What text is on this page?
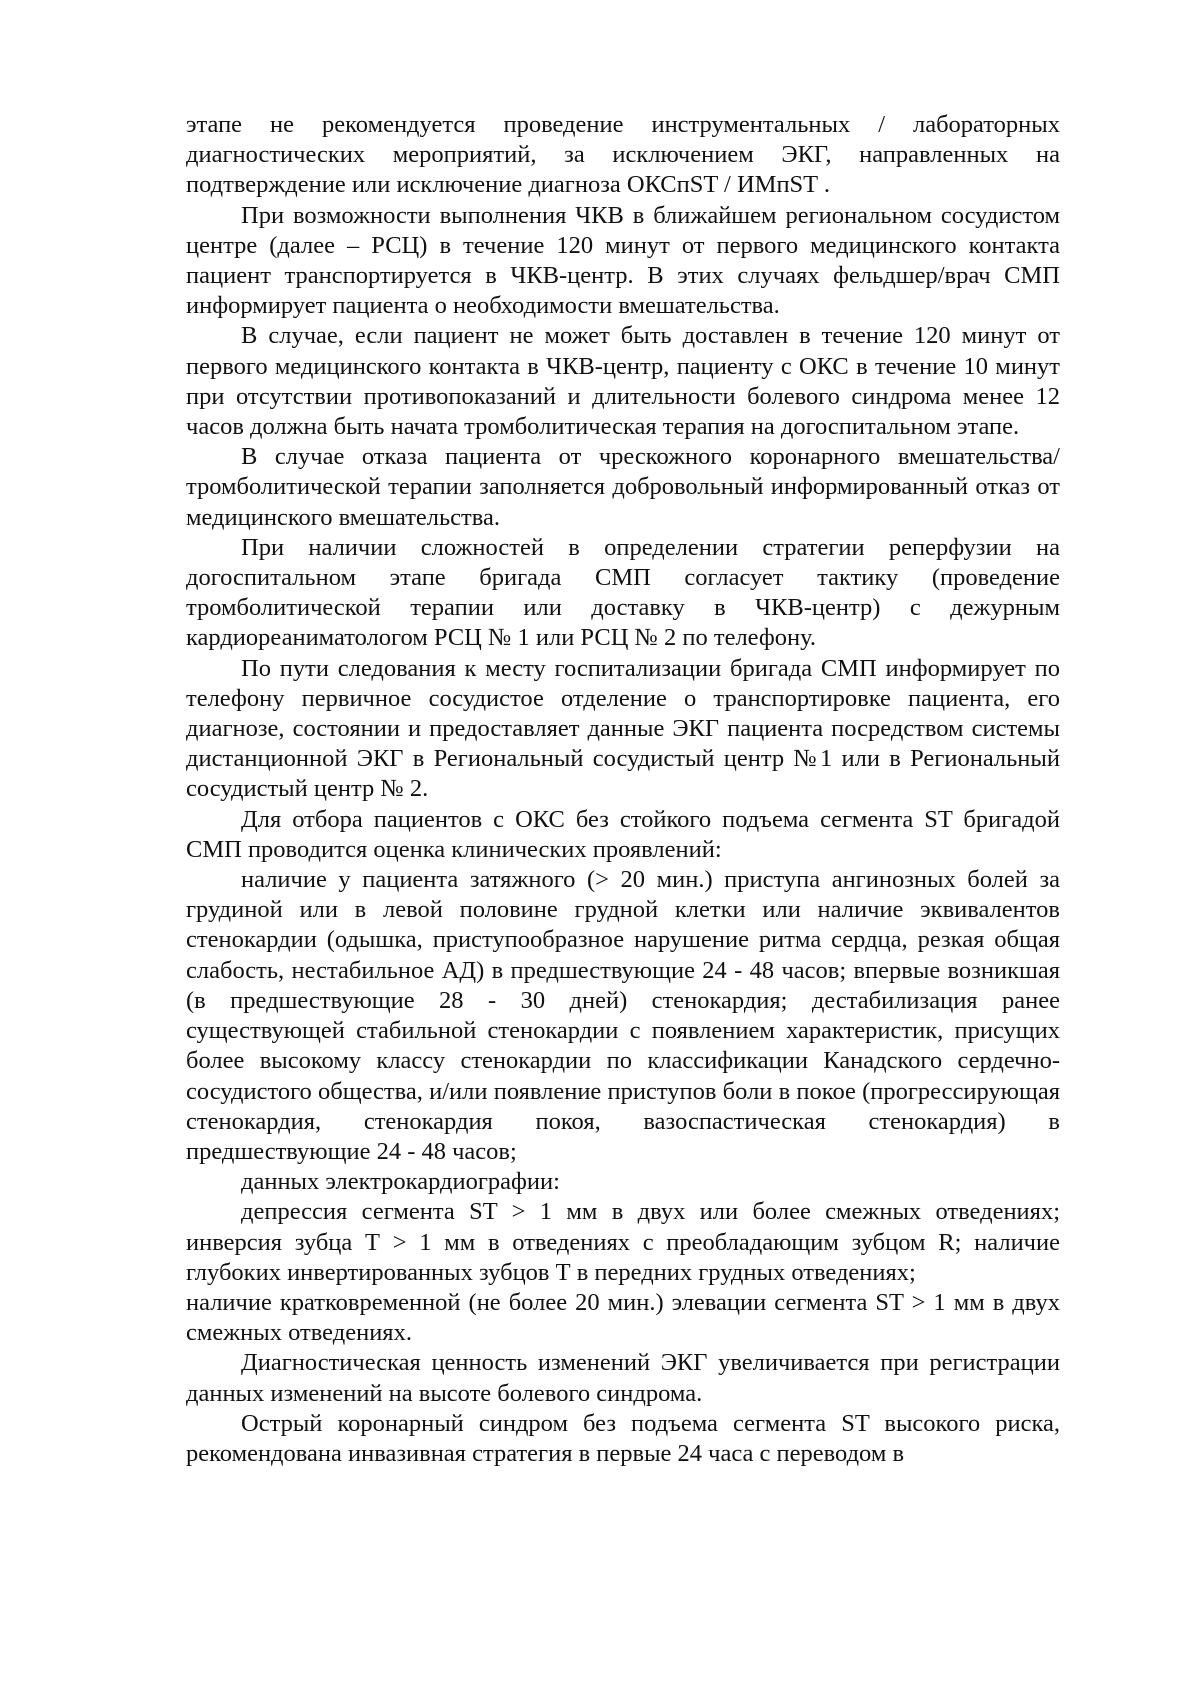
этапе не рекомендуется проведение инструментальных / лабораторных диагностических мероприятий, за исключением ЭКГ, направленных на подтверждение или исключение диагноза ОКСпST / ИМпST .

При возможности выполнения ЧКВ в ближайшем региональном сосудистом центре (далее – РСЦ) в течение 120 минут от первого медицинского контакта пациент транспортируется в ЧКВ-центр. В этих случаях фельдшер/врач СМП информирует пациента о необходимости вмешательства.

В случае, если пациент не может быть доставлен в течение 120 минут от первого медицинского контакта в ЧКВ-центр, пациенту с ОКС в течение 10 минут при отсутствии противопоказаний и длительности болевого синдрома менее 12 часов должна быть начата тромболитическая терапия на догоспитальном этапе.

В случае отказа пациента от чрескожного коронарного вмешательства/тромболитической терапии заполняется добровольный информированный отказ от медицинского вмешательства.

При наличии сложностей в определении стратегии реперфузии на догоспитальном этапе бригада СМП согласует тактику (проведение тромболитической терапии или доставку в ЧКВ-центр) с дежурным кардиореаниматологом РСЦ № 1 или РСЦ № 2 по телефону.

По пути следования к месту госпитализации бригада СМП информирует по телефону первичное сосудистое отделение о транспортировке пациента, его диагнозе, состоянии и предоставляет данные ЭКГ пациента посредством системы дистанционной ЭКГ в Региональный сосудистый центр №1 или в Региональный сосудистый центр № 2.

Для отбора пациентов с ОКС без стойкого подъема сегмента ST бригадой СМП проводится оценка клинических проявлений:

наличие у пациента затяжного (> 20 мин.) приступа ангинозных болей за грудиной или в левой половине грудной клетки или наличие эквивалентов стенокардии (одышка, приступообразное нарушение ритма сердца, резкая общая слабость, нестабильное АД) в предшествующие 24 - 48 часов; впервые возникшая (в предшествующие 28 - 30 дней) стенокардия; дестабилизация ранее существующей стабильной стенокардии с появлением характеристик, присущих более высокому классу стенокардии по классификации Канадского сердечно-сосудистого общества, и/или появление приступов боли в покое (прогрессирующая стенокардия, стенокардия покоя, вазоспастическая стенокардия) в предшествующие 24 - 48 часов;

данных электрокардиографии:

депрессия сегмента ST > 1 мм в двух или более смежных отведениях; инверсия зубца Т > 1 мм в отведениях с преобладающим зубцом R; наличие глубоких инвертированных зубцов Т в передних грудных отведениях;

наличие кратковременной (не более 20 мин.) элевации сегмента ST > 1 мм в двух смежных отведениях.

Диагностическая ценность изменений ЭКГ увеличивается при регистрации данных изменений на высоте болевого синдрома.

Острый коронарный синдром без подъема сегмента ST высокого риска, рекомендована инвазивная стратегия в первые 24 часа с переводом в
